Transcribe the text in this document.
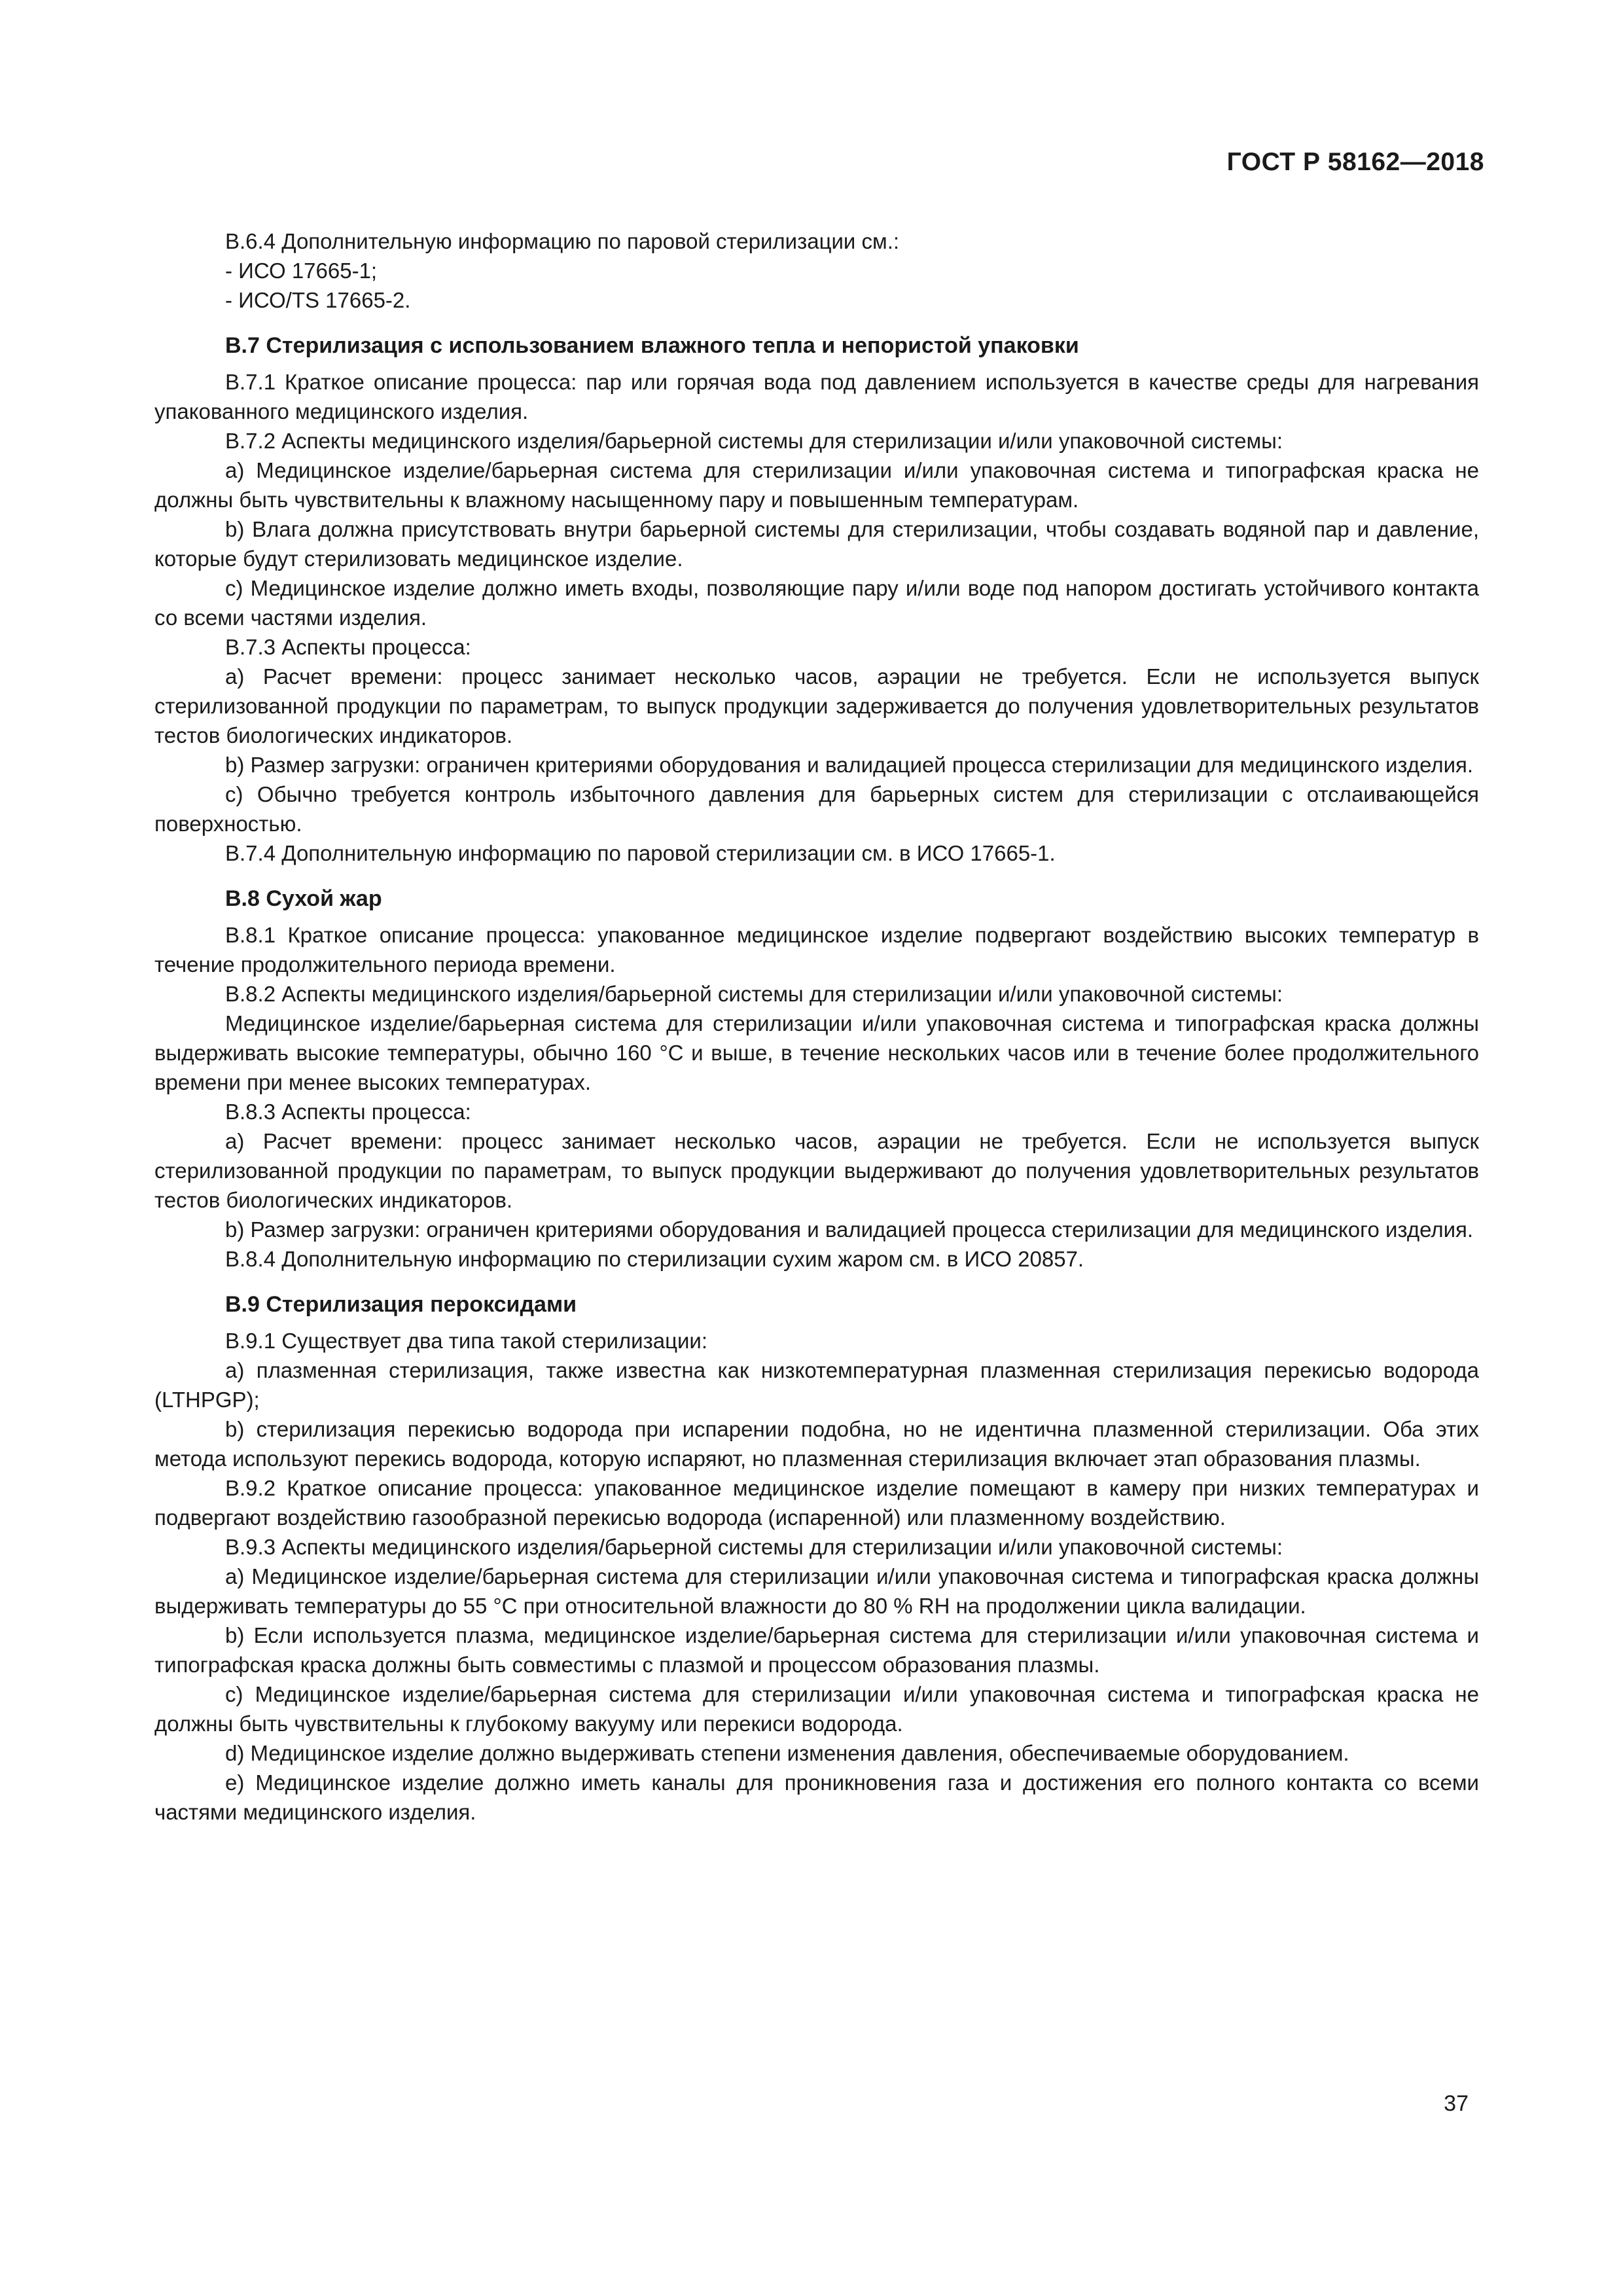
ГОСТ Р 58162—2018

B.6.4 Дополнительную информацию по паровой стерилизации см.:

- ИСО 17665-1;

- ИСО/TS 17665-2.

B.7 Стерилизация с использованием влажного тепла и непористой упаковки

B.7.1 Краткое описание процесса: пар или горячая вода под давлением используется в качестве среды для нагревания упакованного медицинского изделия.

B.7.2 Аспекты медицинского изделия/барьерной системы для стерилизации и/или упаковочной системы:

а) Медицинское изделие/барьерная система для стерилизации и/или упаковочная система и типографская краска не должны быть чувствительны к влажному насыщенному пару и повышенным температурам.

b) Влага должна присутствовать внутри барьерной системы для стерилизации, чтобы создавать водяной пар и давление, которые будут стерилизовать медицинское изделие.

с) Медицинское изделие должно иметь входы, позволяющие пару и/или воде под напором достигать устойчивого контакта со всеми частями изделия.

B.7.3 Аспекты процесса:

а) Расчет времени: процесс занимает несколько часов, аэрации не требуется. Если не используется выпуск стерилизованной продукции по параметрам, то выпуск продукции задерживается до получения удовлетворительных результатов тестов биологических индикаторов.

b) Размер загрузки: ограничен критериями оборудования и валидацией процесса стерилизации для медицинского изделия.

с) Обычно требуется контроль избыточного давления для барьерных систем для стерилизации с отслаивающейся поверхностью.

B.7.4 Дополнительную информацию по паровой стерилизации см. в ИСО 17665-1.

B.8 Сухой жар

B.8.1 Краткое описание процесса: упакованное медицинское изделие подвергают воздействию высоких температур в течение продолжительного периода времени.

B.8.2 Аспекты медицинского изделия/барьерной системы для стерилизации и/или упаковочной системы:

Медицинское изделие/барьерная система для стерилизации и/или упаковочная система и типографская краска должны выдерживать высокие температуры, обычно 160 °С и выше, в течение нескольких часов или в течение более продолжительного времени при менее высоких температурах.

B.8.3 Аспекты процесса:

а) Расчет времени: процесс занимает несколько часов, аэрации не требуется. Если не используется выпуск стерилизованной продукции по параметрам, то выпуск продукции выдерживают до получения удовлетворительных результатов тестов биологических индикаторов.

b) Размер загрузки: ограничен критериями оборудования и валидацией процесса стерилизации для медицинского изделия.

B.8.4 Дополнительную информацию по стерилизации сухим жаром см. в ИСО 20857.

B.9 Стерилизация пероксидами

B.9.1 Существует два типа такой стерилизации:

а) плазменная стерилизация, также известна как низкотемпературная плазменная стерилизация перекисью водорода (LTHPGP);

b) стерилизация перекисью водорода при испарении подобна, но не идентична плазменной стерилизации. Оба этих метода используют перекись водорода, которую испаряют, но плазменная стерилизация включает этап образования плазмы.

B.9.2 Краткое описание процесса: упакованное медицинское изделие помещают в камеру при низких температурах и подвергают воздействию газообразной перекисью водорода (испаренной) или плазменному воздействию.

B.9.3 Аспекты медицинского изделия/барьерной системы для стерилизации и/или упаковочной системы:

а) Медицинское изделие/барьерная система для стерилизации и/или упаковочная система и типографская краска должны выдерживать температуры до 55 °С при относительной влажности до 80 % RH на продолжении цикла валидации.

b) Если используется плазма, медицинское изделие/барьерная система для стерилизации и/или упаковочная система и типографская краска должны быть совместимы с плазмой и процессом образования плазмы.

с) Медицинское изделие/барьерная система для стерилизации и/или упаковочная система и типографская краска не должны быть чувствительны к глубокому вакууму или перекиси водорода.

d) Медицинское изделие должно выдерживать степени изменения давления, обеспечиваемые оборудованием.

е) Медицинское изделие должно иметь каналы для проникновения газа и достижения его полного контакта со всеми частями медицинского изделия.

37
